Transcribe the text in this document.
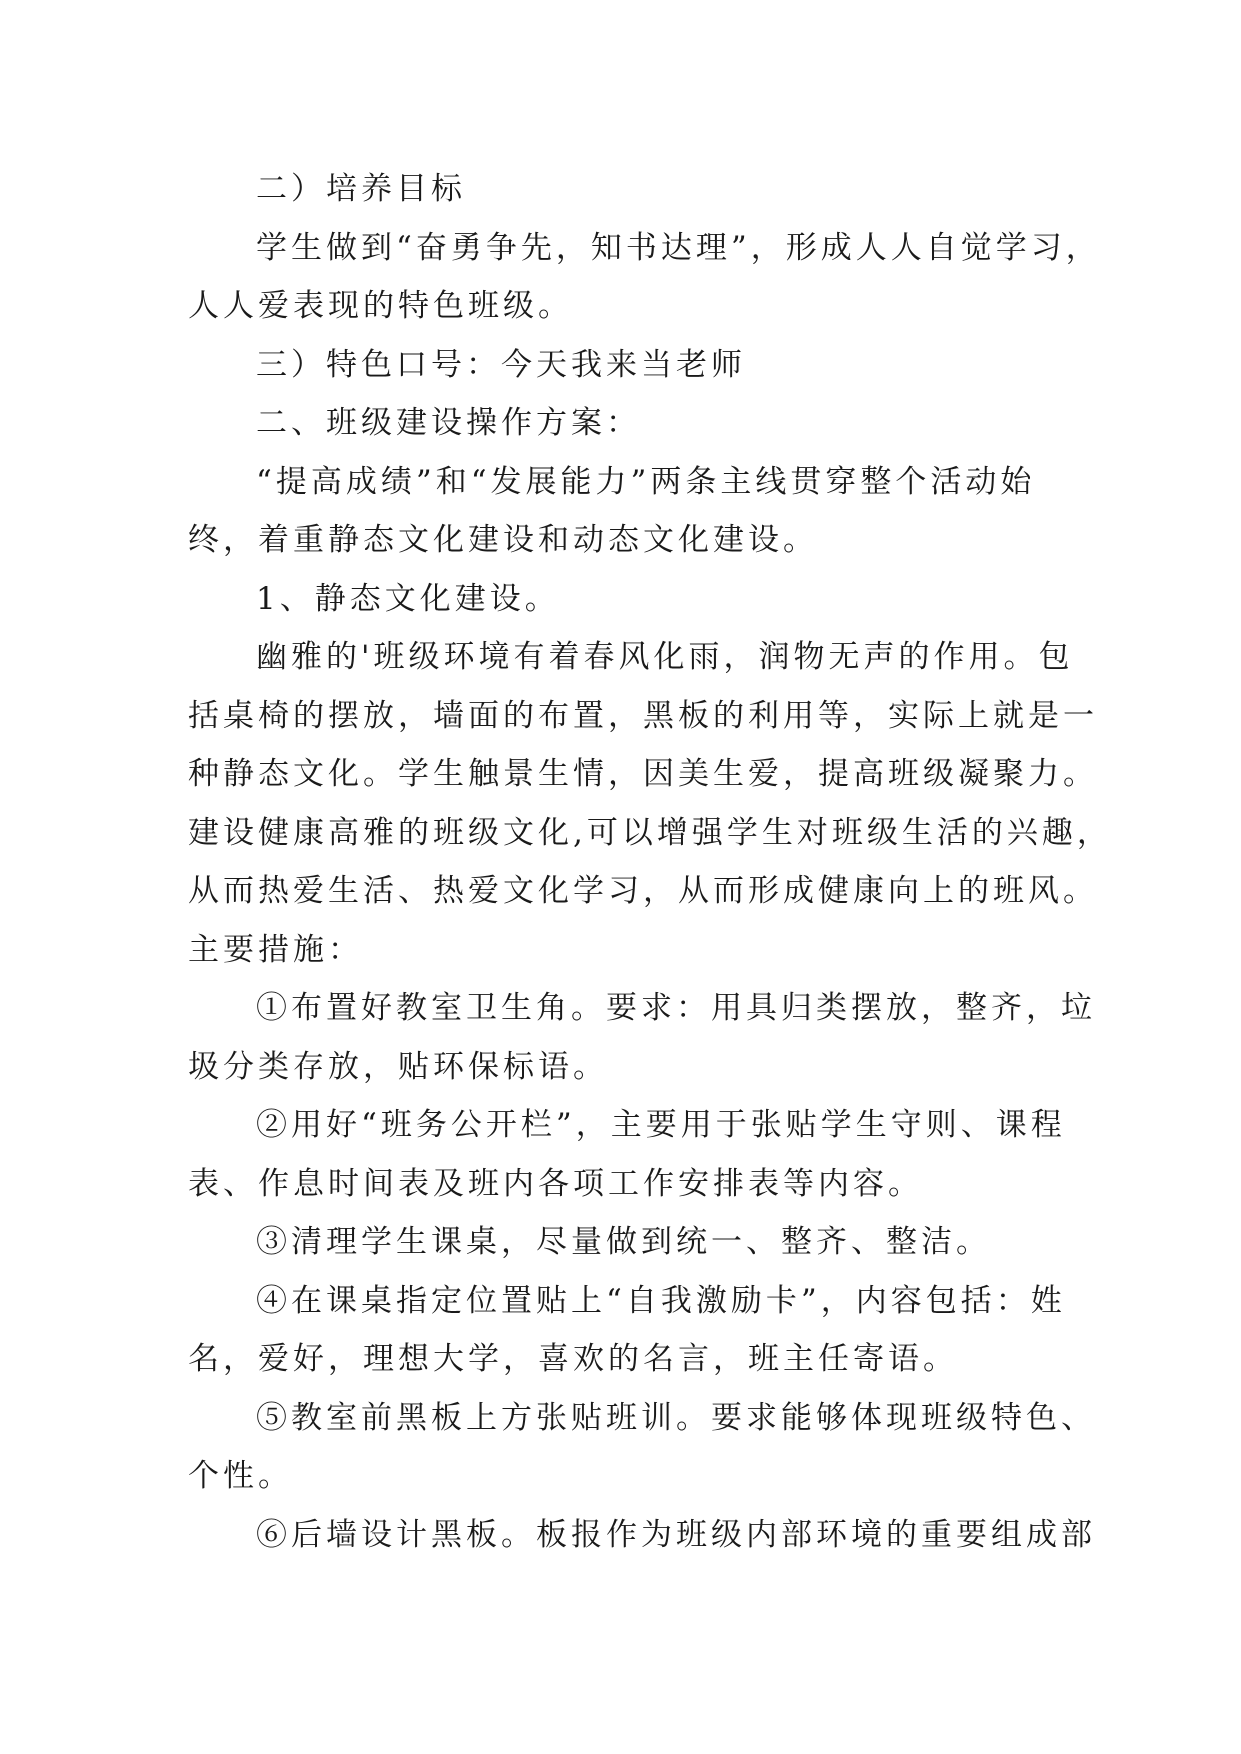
二）培养目标
学生做到“奋勇争先，知书达理”，形成人人自觉学习，
人人爱表现的特色班级。
三）特色口号：今天我来当老师
二、班级建设操作方案：
“提高成绩”和“发展能力”两条主线贯穿整个活动始
终，着重静态文化建设和动态文化建设。
1、静态文化建设。
幽雅的'班级环境有着春风化雨，润物无声的作用。包
括桌椅的摆放，墙面的布置，黑板的利用等，实际上就是一
种静态文化。学生触景生情，因美生爱，提高班级凝聚力。
建设健康高雅的班级文化,可以增强学生对班级生活的兴趣，
从而热爱生活、热爱文化学习，从而形成健康向上的班风。
主要措施：
①布置好教室卫生角。要求：用具归类摆放，整齐，垃
圾分类存放，贴环保标语。
②用好“班务公开栏”，主要用于张贴学生守则、课程
表、作息时间表及班内各项工作安排表等内容。
③清理学生课桌，尽量做到统一、整齐、整洁。
④在课桌指定位置贴上“自我激励卡”，内容包括：姓
名，爱好，理想大学，喜欢的名言，班主任寄语。
⑤教室前黑板上方张贴班训。要求能够体现班级特色、
个性。
⑥后墙设计黑板。板报作为班级内部环境的重要组成部
